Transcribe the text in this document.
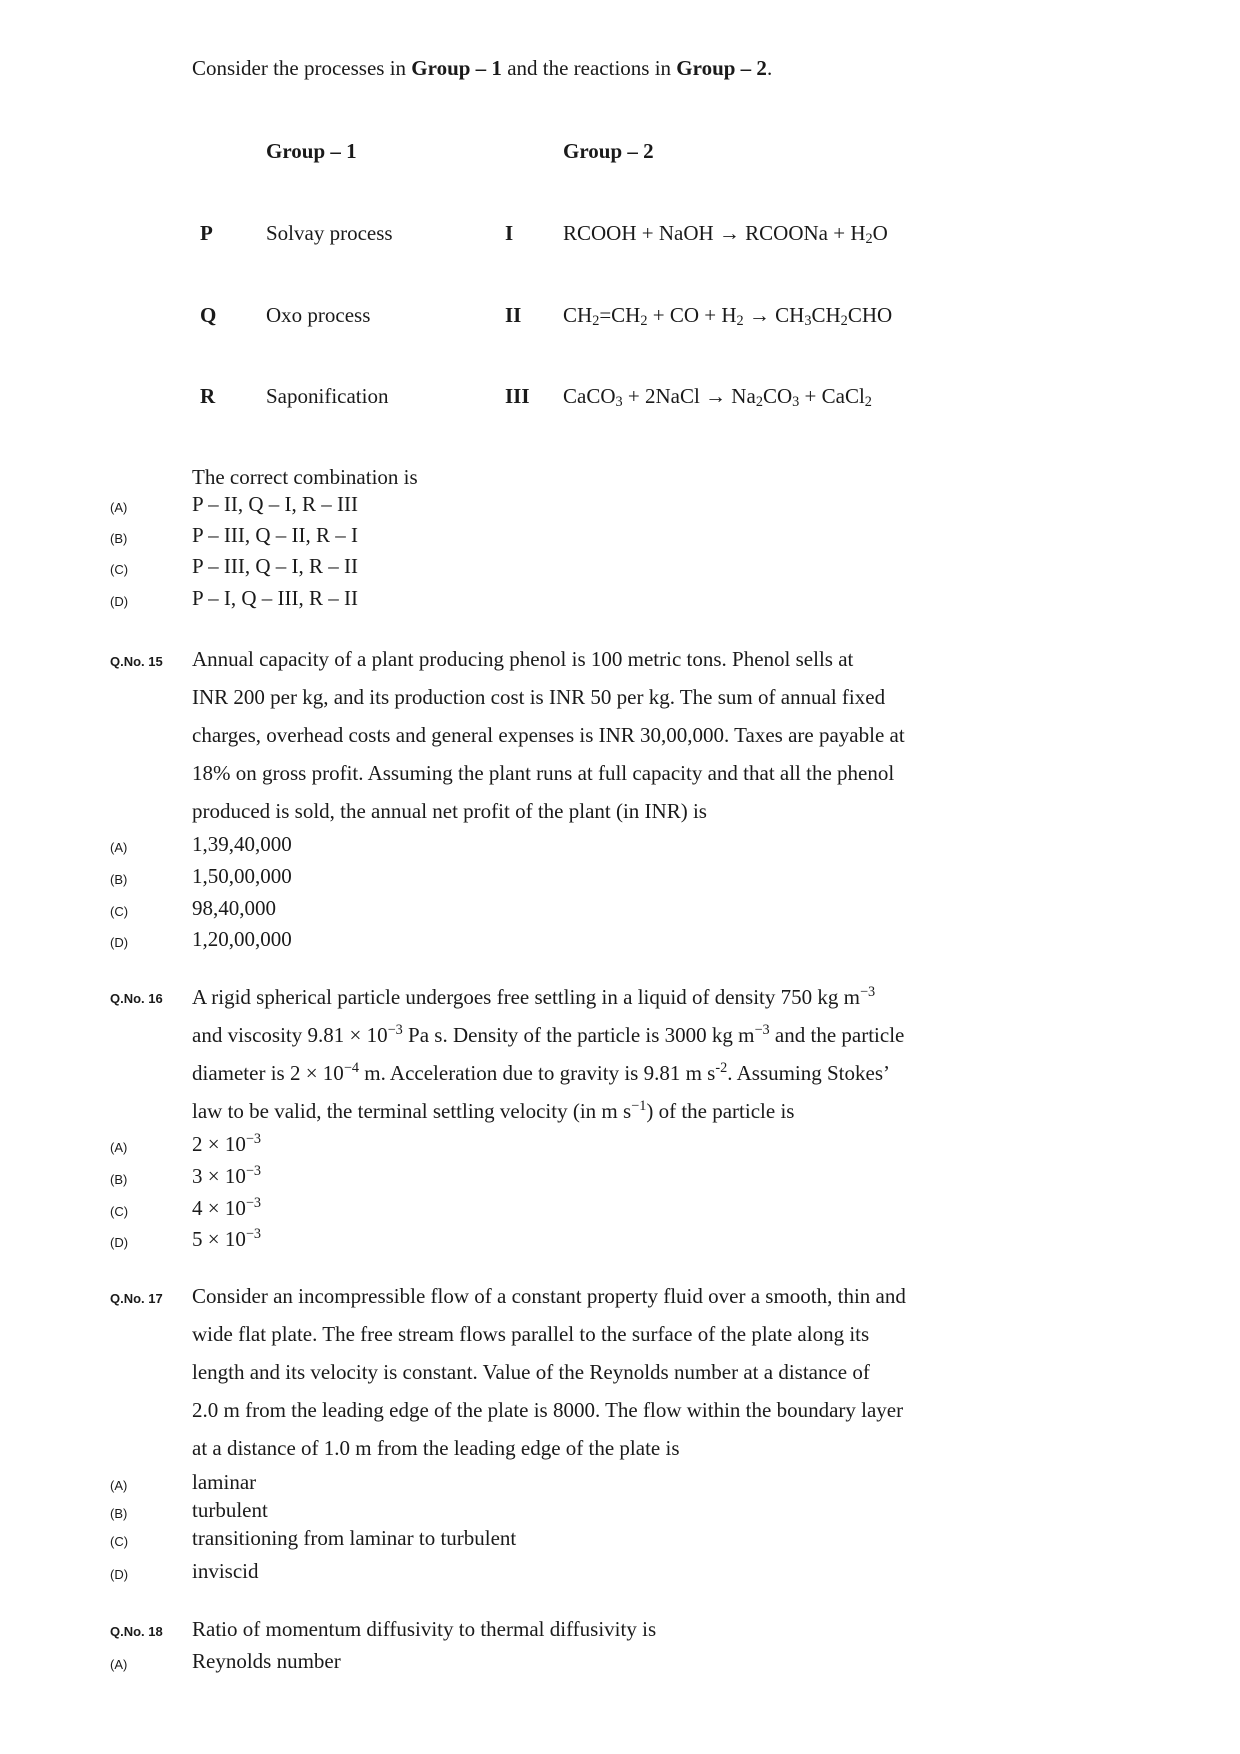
Consider the processes in Group – 1 and the reactions in Group – 2.
Group – 1	Group – 2
P	Solvay process	I RCOOH + NaOH → RCOONa + $H_2O$
Q Oxo process	II $CH_2=CH_2$ + CO + $H_2 \to CH_3CH_2CHO$
R Saponification	III CaCO$_3$ + 2NaCl → $Na_2CO_3$ + CaCl$_2$
The correct combination is
(A)	P – II, Q – I, R – III
(B)	P – III, Q – II, R – I
(C)	P – III, Q – I, R – II
(D)	P – I, Q – III, R – II
Q.No. 15 Annual capacity of a plant producing phenol is 100 metric tons. Phenol sells at
INR 200 per kg, and its production cost is INR 50 per kg. The sum of annual fixed
charges, overhead costs and general expenses is INR 30,00,000. Taxes are payable at
18% on gross profit. Assuming the plant runs at full capacity and that all the phenol
produced is sold, the annual net profit of the plant (in INR) is
(A)	1,39,40,000
(B)	1,50,00,000
(C)	98,40,000
(D)	1,20,00,000
Q.No. 16 A rigid spherical particle undergoes free settling in a liquid of density 750 kg $m^{-3}$
and viscosity $9.81 \times 10^{-3}$ Pa s. Density of the particle is 3000 kg $m^{-3}$ and the particle
diameter is $2 \times 10^{-4}$ m. Acceleration due to gravity is 9.81 m $s^{-2}$. Assuming Stokes’
law to be valid, the terminal settling velocity (in m $s^{-1}$) of the particle is
(A)	$2 \times 10^{-3}$
(B)	$3 \times 10^{-3}$
(C)	$4 \times 10^{-3}$
(D)	$5 \times 10^{-3}$
Q.No. 17 Consider an incompressible flow of a constant property fluid over a smooth, thin and
wide flat plate. The free stream flows parallel to the surface of the plate along its
length and its velocity is constant. Value of the Reynolds number at a distance of
2.0 m from the leading edge of the plate is 8000. The flow within the boundary layer
at a distance of 1.0 m from the leading edge of the plate is
(A)	laminar
(B)	turbulent
(C)	transitioning from laminar to turbulent
(D)	inviscid
Q.No. 18 Ratio of momentum diffusivity to thermal diffusivity is
(A)	Reynolds number
